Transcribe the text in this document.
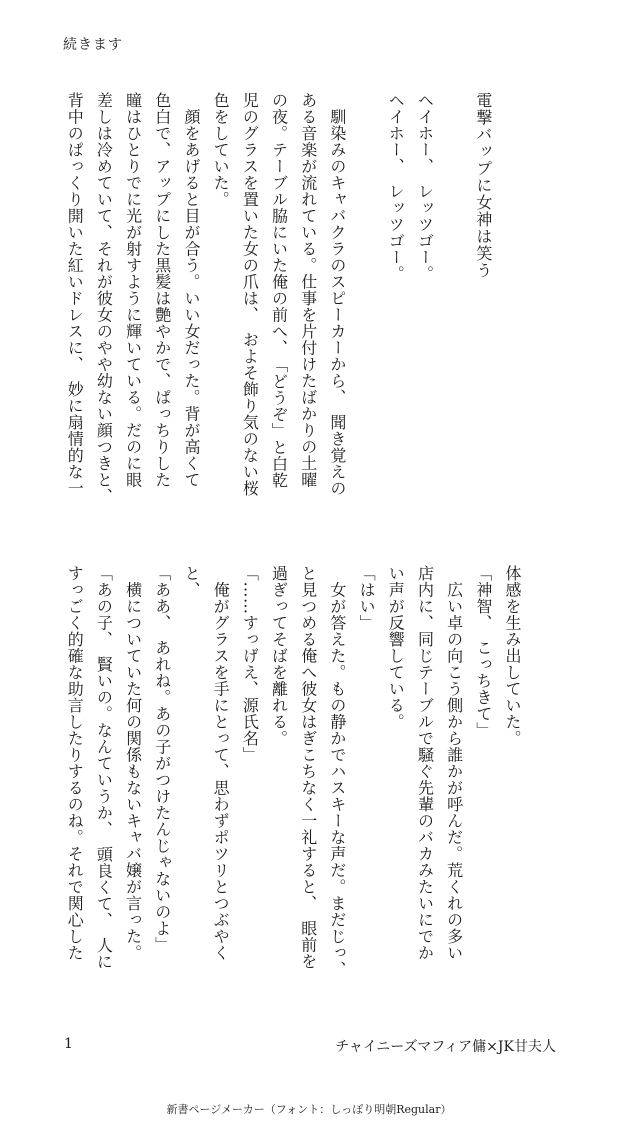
続きます
電撃バップに女神は笑う
ヘイホー、　レッツゴー。
ヘイホー、　レッツゴー。
　馴染みのキャバクラのスピーカーから、　聞き覚えの
ある音楽が流れている。仕事を片付けたばかりの土曜
の夜。テーブル脇にいた俺の前へ、　「どうぞ」と白乾
児のグラスを置いた女の爪は、　およそ飾り気のない桜
色をしていた。
　顔をあげると目が合う。いい女だった。背が高くて
色白で、アップにした黒髪は艶やかで、ぱっちりした
瞳はひとりでに光が射すように輝いている。だのに眼
差しは冷めていて、それが彼女のやや幼ない顔つきと、
背中のぱっくり開いた紅いドレスに、　妙に扇情的な一
体感を生み出していた。
「神智、　こっちきて」
　広い卓の向こう側から誰かが呼んだ。荒くれの多い
店内に、同じテーブルで騒ぐ先輩のバカみたいにでか
い声が反響している。
「はい」
　女が答えた。もの静かでハスキーな声だ。まだじっ、
と見つめる俺へ彼女はぎこちなく一礼すると、　眼前を
過ぎってそばを離れる。
「……すっげえ、源氏名」
　俺がグラスを手にとって、思わずポツリとつぶやく
と、
「ああ、　あれね。あの子がつけたんじゃないのよ」
　横についていた何の関係もないキャバ嬢が言った。
「あの子、　賢いの。なんていうか、　頭良くて、　人に
すっごく的確な助言したりするのね。それで関心した
1	チャイニーズマフィア傭×JK甘夫人
新書ページメーカー（フォント：しっぽり明朝Regular）
